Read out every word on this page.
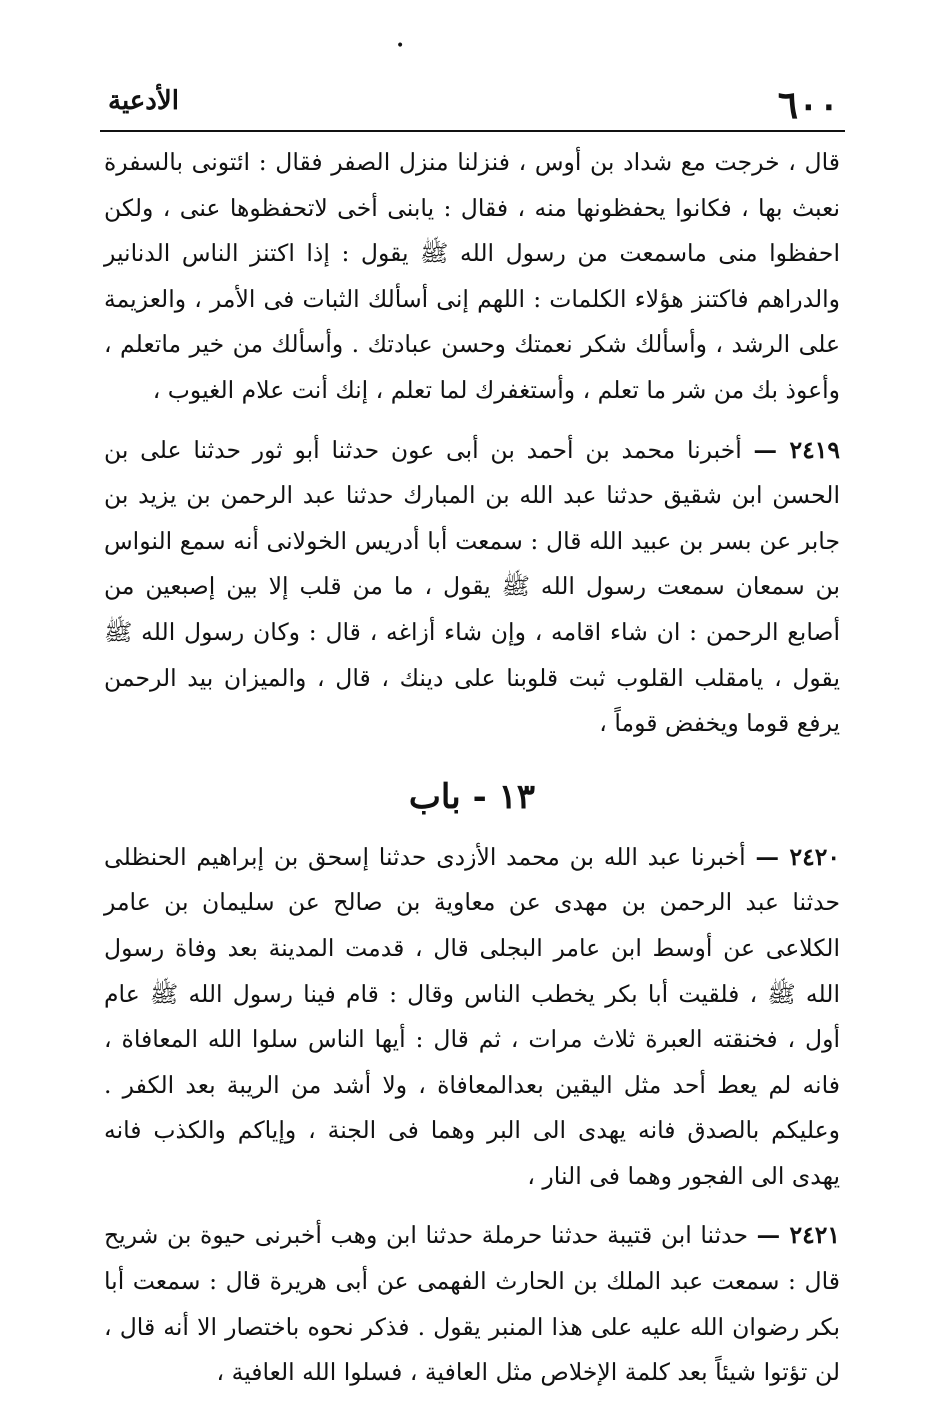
•
٦٠٠
الأدعية

قال ، خرجت مع شداد بن أوس ، فنزلنا منزل الصفر فقال : ائتونى بالسفرة نعبث بها ، فكانوا يحفظونها منه ، فقال : يابنى أخى لاتحفظوها عنى ، ولكن احفظوا منى ماسمعت من رسول الله ﷺ يقول : إذا اكتنز الناس الدنانير والدراهم فاكتنز هؤلاء الكلمات : اللهم إنى أسألك الثبات فى الأمر ، والعزيمة على الرشد ، وأسألك شكر نعمتك وحسن عبادتك . وأسألك من خير ماتعلم ، وأعوذ بك من شر ما تعلم ، وأستغفرك لما تعلم ، إنك أنت علام الغيوب ،

٢٤١٩ — أخبرنا محمد بن أحمد بن أبى عون حدثنا أبو ثور حدثنا على بن الحسن ابن شقيق حدثنا عبد الله بن المبارك حدثنا عبد الرحمن بن يزيد بن جابر عن بسر بن عبيد الله قال : سمعت أبا أدريس الخولانى أنه سمع النواس بن سمعان سمعت رسول الله ﷺ يقول ، ما من قلب إلا بين إصبعين من أصابع الرحمن : ان شاء اقامه ، وإن شاء أزاغه ، قال : وكان رسول الله ﷺ يقول ، يامقلب القلوب ثبت قلوبنا على دينك ، قال ، والميزان بيد الرحمن يرفع قوما ويخفض قوماً ،

١٣ - باب

٢٤٢٠ — أخبرنا عبد الله بن محمد الأزدى حدثنا إسحق بن إبراهيم الحنظلى حدثنا عبد الرحمن بن مهدى عن معاوية بن صالح عن سليمان بن عامر الكلاعى عن أوسط ابن عامر البجلى قال ، قدمت المدينة بعد وفاة رسول الله ﷺ ، فلقيت أبا بكر يخطب الناس وقال : قام فينا رسول الله ﷺ عام أول ، فخنقته العبرة ثلاث مرات ، ثم قال : أيها الناس سلوا الله المعافاة ، فانه لم يعط أحد مثل اليقين بعدالمعافاة ، ولا أشد من الريبة بعد الكفر . وعليكم بالصدق فانه يهدى الى البر وهما فى الجنة ، وإياكم والكذب فانه يهدى الى الفجور وهما فى النار ،

٢٤٢١ — حدثنا ابن قتيبة حدثنا حرملة حدثنا ابن وهب أخبرنى حيوة بن شريح قال : سمعت عبد الملك بن الحارث الفهمى عن أبى هريرة قال : سمعت أبا بكر رضوان الله عليه على هذا المنبر يقول . فذكر نحوه باختصار الا أنه قال ، لن تؤتوا شيئاً بعد كلمة الإخلاص مثل العافية ، فسلوا الله العافية ،
